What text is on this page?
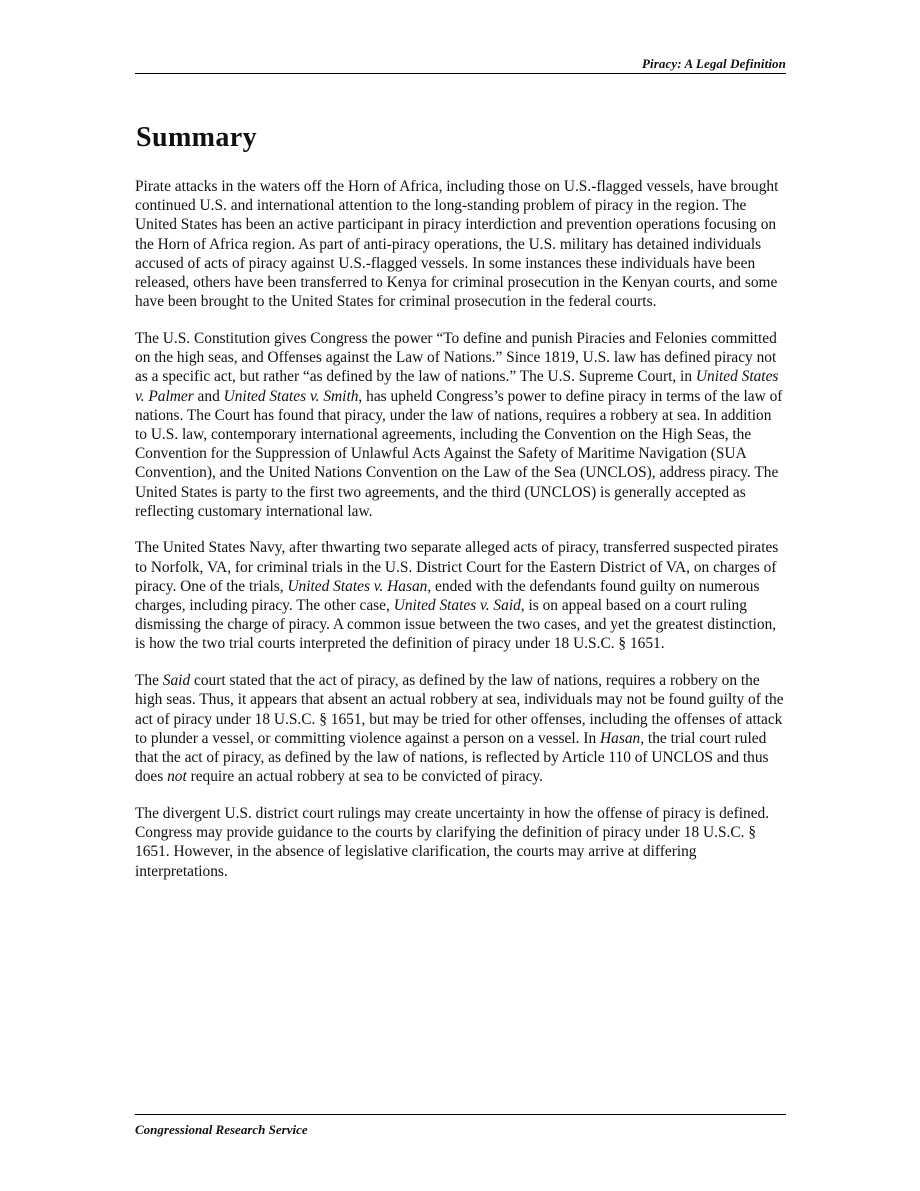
Piracy: A Legal Definition
Summary

Pirate attacks in the waters off the Horn of Africa, including those on U.S.-flagged vessels, have brought continued U.S. and international attention to the long-standing problem of piracy in the region. The United States has been an active participant in piracy interdiction and prevention operations focusing on the Horn of Africa region. As part of anti-piracy operations, the U.S. military has detained individuals accused of acts of piracy against U.S.-flagged vessels. In some instances these individuals have been released, others have been transferred to Kenya for criminal prosecution in the Kenyan courts, and some have been brought to the United States for criminal prosecution in the federal courts.

The U.S. Constitution gives Congress the power “To define and punish Piracies and Felonies committed on the high seas, and Offenses against the Law of Nations.” Since 1819, U.S. law has defined piracy not as a specific act, but rather “as defined by the law of nations.” The U.S. Supreme Court, in United States v. Palmer and United States v. Smith, has upheld Congress’s power to define piracy in terms of the law of nations. The Court has found that piracy, under the law of nations, requires a robbery at sea. In addition to U.S. law, contemporary international agreements, including the Convention on the High Seas, the Convention for the Suppression of Unlawful Acts Against the Safety of Maritime Navigation (SUA Convention), and the United Nations Convention on the Law of the Sea (UNCLOS), address piracy. The United States is party to the first two agreements, and the third (UNCLOS) is generally accepted as reflecting customary international law.

The United States Navy, after thwarting two separate alleged acts of piracy, transferred suspected pirates to Norfolk, VA, for criminal trials in the U.S. District Court for the Eastern District of VA, on charges of piracy. One of the trials, United States v. Hasan, ended with the defendants found guilty on numerous charges, including piracy. The other case, United States v. Said, is on appeal based on a court ruling dismissing the charge of piracy. A common issue between the two cases, and yet the greatest distinction, is how the two trial courts interpreted the definition of piracy under 18 U.S.C. § 1651.

The Said court stated that the act of piracy, as defined by the law of nations, requires a robbery on the high seas. Thus, it appears that absent an actual robbery at sea, individuals may not be found guilty of the act of piracy under 18 U.S.C. § 1651, but may be tried for other offenses, including the offenses of attack to plunder a vessel, or committing violence against a person on a vessel. In Hasan, the trial court ruled that the act of piracy, as defined by the law of nations, is reflected by Article 110 of UNCLOS and thus does not require an actual robbery at sea to be convicted of piracy.

The divergent U.S. district court rulings may create uncertainty in how the offense of piracy is defined. Congress may provide guidance to the courts by clarifying the definition of piracy under 18 U.S.C. § 1651. However, in the absence of legislative clarification, the courts may arrive at differing interpretations.

Congressional Research Service
